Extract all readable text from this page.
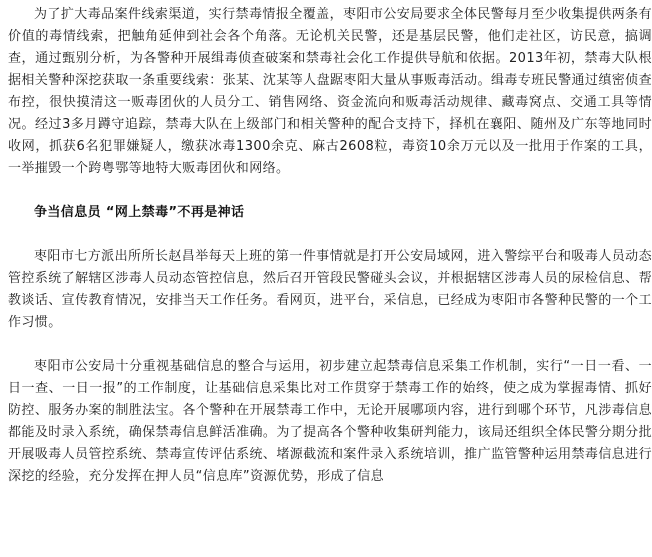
为了扩大毒品案件线索渠道，实行禁毒情报全覆盖，枣阳市公安局要求全体民警每月至少收集提供两条有价值的毒情线索，把触角延伸到社会各个角落。无论机关民警，还是基层民警，他们走社区，访民意，搞调查，通过甄别分析，为各警种开展缉毒侦查破案和禁毒社会化工作提供导航和依据。2013年初，禁毒大队根据相关警种深挖获取一条重要线索：张某、沈某等人盘踞枣阳大量从事贩毒活动。缉毒专班民警通过缜密侦查布控，很快摸清这一贩毒团伙的人员分工、销售网络、资金流向和贩毒活动规律、藏毒窝点、交通工具等情况。经过3多月蹲守追踪，禁毒大队在上级部门和相关警种的配合支持下，择机在襄阳、随州及广东等地同时收网，抓获6名犯罪嫌疑人，缴获冰毒1300余克、麻古2608粒，毒资10余万元以及一批用于作案的工具，一举摧毁一个跨粤鄂等地特大贩毒团伙和网络。

争当信息员 “网上禁毒”不再是神话

枣阳市七方派出所所长赵昌举每天上班的第一件事情就是打开公安局域网，进入警综平台和吸毒人员动态管控系统了解辖区涉毒人员动态管控信息，然后召开管段民警碰头会议，并根据辖区涉毒人员的尿检信息、帮教谈话、宣传教育情况，安排当天工作任务。看网页，进平台，采信息，已经成为枣阳市各警种民警的一个工作习惯。

枣阳市公安局十分重视基础信息的整合与运用，初步建立起禁毒信息采集工作机制，实行“一日一看、一日一查、一日一报”的工作制度，让基础信息采集比对工作贯穿于禁毒工作的始终，使之成为掌握毒情、抓好防控、服务办案的制胜法宝。各个警种在开展禁毒工作中，无论开展哪项内容，进行到哪个环节，凡涉毒信息都能及时录入系统，确保禁毒信息鲜活准确。为了提高各个警种收集研判能力，该局还组织全体民警分期分批开展吸毒人员管控系统、禁毒宣传评估系统、堵源截流和案件录入系统培训，推广监管警种运用禁毒信息进行深挖的经验，充分发挥在押人员“信息库”资源优势，形成了信息
